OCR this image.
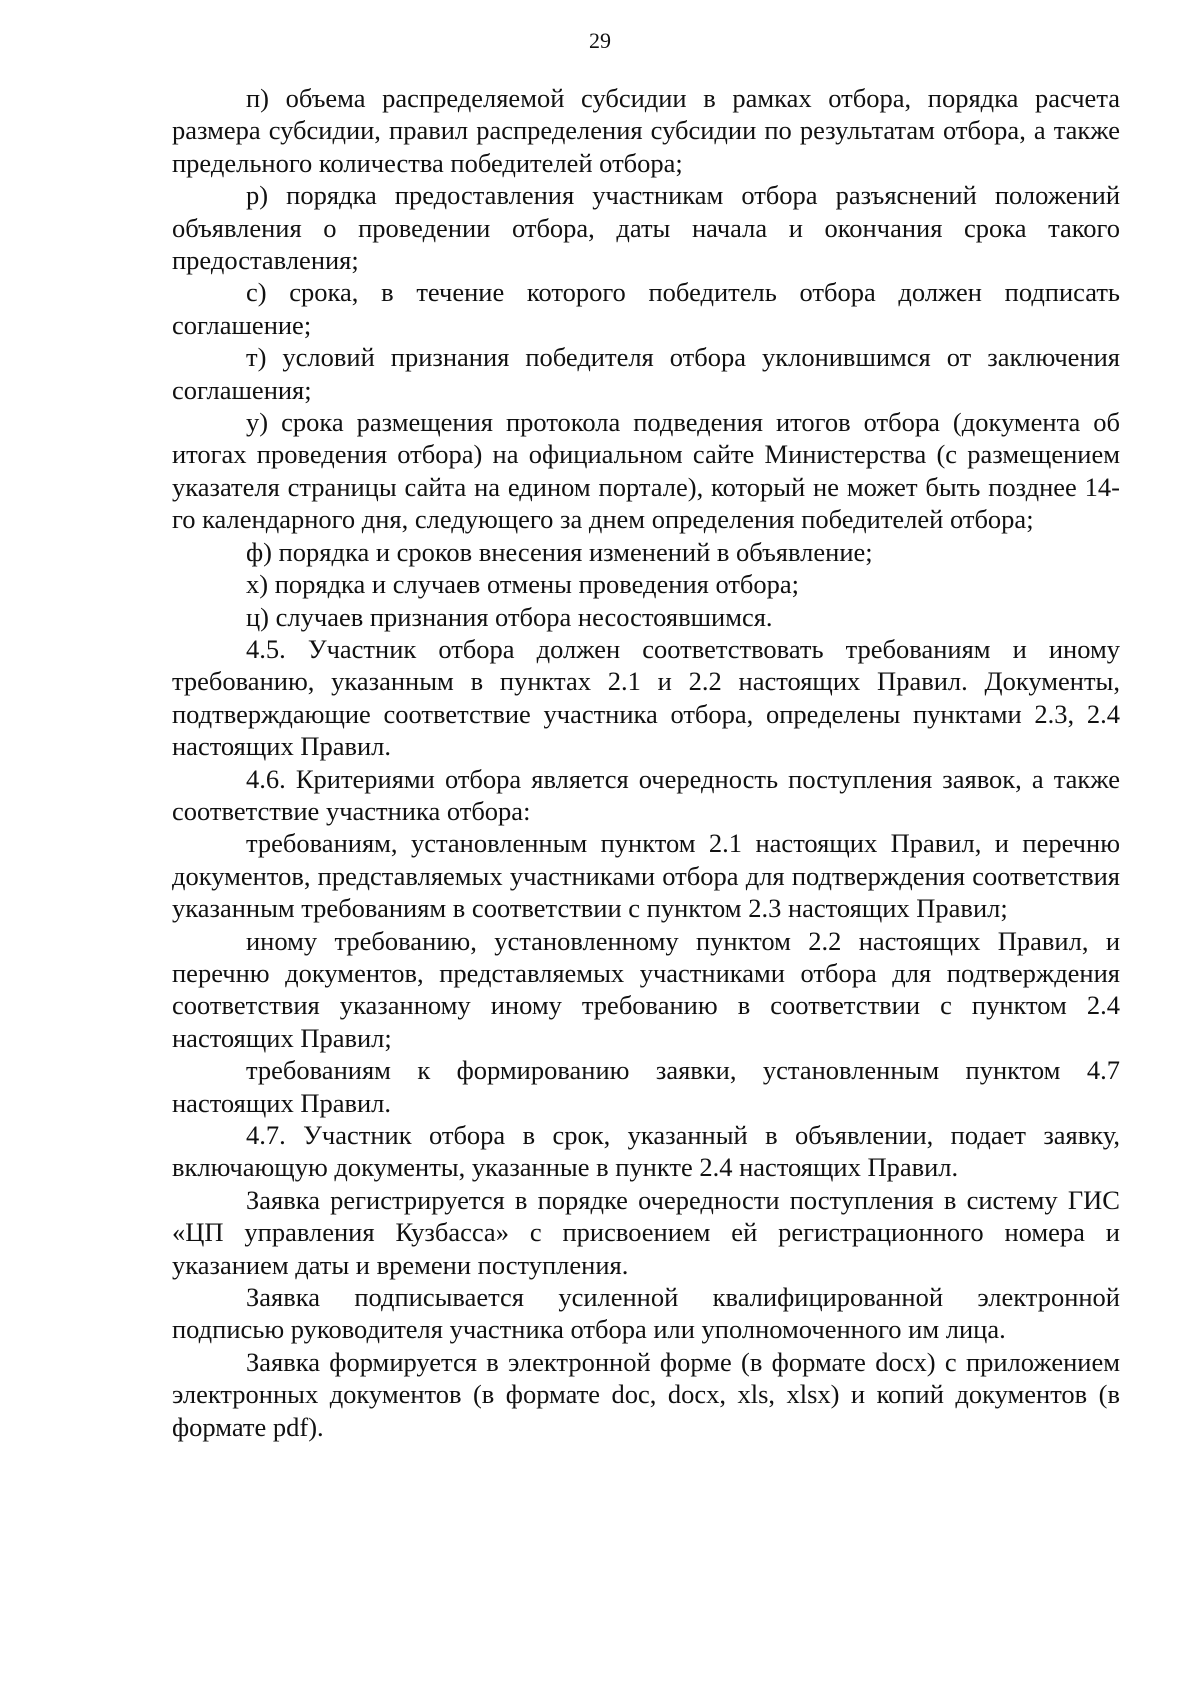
29

п) объема распределяемой субсидии в рамках отбора, порядка расчета размера субсидии, правил распределения субсидии по результатам отбора, а также предельного количества победителей отбора;

р) порядка предоставления участникам отбора разъяснений положений объявления о проведении отбора, даты начала и окончания срока такого предоставления;

с) срока, в течение которого победитель отбора должен подписать соглашение;

т) условий признания победителя отбора уклонившимся от заключения соглашения;

у) срока размещения протокола подведения итогов отбора (документа об итогах проведения отбора) на официальном сайте Министерства (с размещением указателя страницы сайта на едином портале), который не может быть позднее 14-го календарного дня, следующего за днем определения победителей отбора;

ф) порядка и сроков внесения изменений в объявление;

х) порядка и случаев отмены проведения отбора;

ц) случаев признания отбора несостоявшимся.

4.5. Участник отбора должен соответствовать требованиям и иному требованию, указанным в пунктах 2.1 и 2.2 настоящих Правил. Документы, подтверждающие соответствие участника отбора, определены пунктами 2.3, 2.4 настоящих Правил.

4.6. Критериями отбора является очередность поступления заявок, а также соответствие участника отбора:

требованиям, установленным пунктом 2.1 настоящих Правил, и перечню документов, представляемых участниками отбора для подтверждения соответствия указанным требованиям в соответствии с пунктом 2.3 настоящих Правил;

иному требованию, установленному пунктом 2.2 настоящих Правил, и перечню документов, представляемых участниками отбора для подтверждения соответствия указанному иному требованию в соответствии с пунктом 2.4 настоящих Правил;

требованиям к формированию заявки, установленным пунктом 4.7 настоящих Правил.

4.7. Участник отбора в срок, указанный в объявлении, подает заявку, включающую документы, указанные в пункте 2.4 настоящих Правил.

Заявка регистрируется в порядке очередности поступления в систему ГИС «ЦП управления Кузбасса» с присвоением ей регистрационного номера и указанием даты и времени поступления.

Заявка подписывается усиленной квалифицированной электронной подписью руководителя участника отбора или уполномоченного им лица.

Заявка формируется в электронной форме (в формате docx) с приложением электронных документов (в формате doc, docx, xls, xlsx) и копий документов (в формате pdf).
